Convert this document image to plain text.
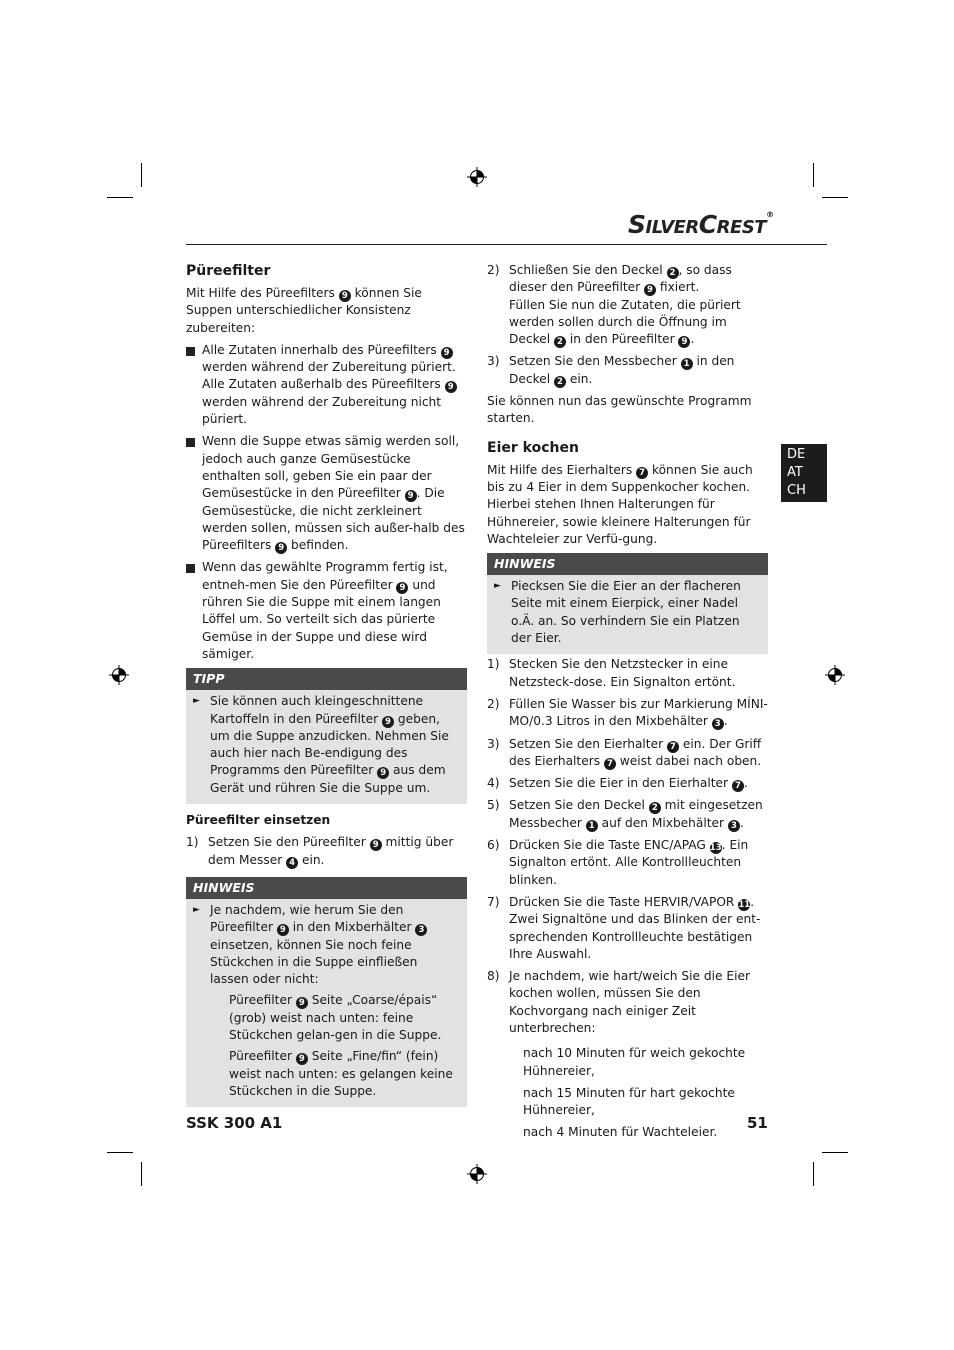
SILVERCREST®
DE
AT
CH
Püreefilter

Mit Hilfe des Püreefilters 9 können Sie Suppen unterschiedlicher Konsistenz zubereiten:

Alle Zutaten innerhalb des Püreefilters 9 werden während der Zubereitung püriert. Alle Zutaten außerhalb des Püreefilters 9 werden während der Zubereitung nicht püriert.
Wenn die Suppe etwas sämig werden soll, jedoch auch ganze Gemüsestücke enthalten soll, geben Sie ein paar der Gemüsestücke in den Püreefilter 9 . Die Gemüsestücke, die nicht zerkleinert werden sollen, müssen sich außer-halb des Püreefilters 9 befinden.
Wenn das gewählte Programm fertig ist, entneh-men Sie den Püreefilter 9 und rühren Sie die Suppe mit einem langen Löffel um. So verteilt sich das pürierte Gemüse in der Suppe und diese wird sämiger.
TIPP
► Sie können auch kleingeschnittene Kartoffeln in den Püreefilter 9 geben, um die Suppe anzudicken. Nehmen Sie auch hier nach Be-endigung des Programms den Püreefilter 9 aus dem Gerät und rühren Sie die Suppe um.
Püreefilter einsetzen
1) Setzen Sie den Püreefilter 9 mittig über dem Messer 4 ein.
HINWEIS
► Je nachdem, wie herum Sie den Püreefilter 9 in den Mixberhälter 3 einsetzen, können Sie noch feine Stückchen in die Suppe einfließen lassen oder nicht:
Püreefilter 9 Seite „Coarse/épais“ (grob) weist nach unten: feine Stückchen gelan-gen in die Suppe.
Püreefilter 9 Seite „Fine/fin“ (fein) weist nach unten: es gelangen keine Stückchen in die Suppe.
2) Schließen Sie den Deckel 2 , so dass dieser den Püreefilter 9 fixiert.
Füllen Sie nun die Zutaten, die püriert werden sollen durch die Öffnung im Deckel 2 in den Püreefilter 9 .
3) Setzen Sie den Messbecher 1 in den Deckel 2 ein.

Sie können nun das gewünschte Programm starten.

Eier kochen

Mit Hilfe des Eierhalters 7 können Sie auch bis zu 4 Eier in dem Suppenkocher kochen. Hierbei stehen Ihnen Halterungen für Hühnereier, sowie kleinere Halterungen für Wachteleier zur Verfü-gung.

HINWEIS
► Piecksen Sie die Eier an der flacheren Seite mit einem Eierpick, einer Nadel o.Ä. an. So verhindern Sie ein Platzen der Eier.
1) Stecken Sie den Netzstecker in eine Netzsteck-dose. Ein Signalton ertönt.
2) Füllen Sie Wasser bis zur Markierung MÍNI-MO/0.3 Litros in den Mixbehälter 3 .
3) Setzen Sie den Eierhalter 7 ein. Der Griff des Eierhalters 7 weist dabei nach oben.
4) Setzen Sie die Eier in den Eierhalter 7 .
5) Setzen Sie den Deckel 2 mit eingesetzen Messbecher 1 auf den Mixbehälter 3 .
6) Drücken Sie die Taste ENC/APAG 13. Ein Signalton ertönt. Alle Kontrollleuchten blinken.
7) Drücken Sie die Taste HERVIR/VAPOR 11. Zwei Signaltöne und das Blinken der ent-sprechenden Kontrollleuchte bestätigen Ihre Auswahl.
8) Je nachdem, wie hart/weich Sie die Eier kochen wollen, müssen Sie den Kochvorgang nach einiger Zeit unterbrechen:
nach 10 Minuten für weich gekochte Hühnereier,
nach 15 Minuten für hart gekochte Hühnereier,
nach 4 Minuten für Wachteleier.
SSK 300 A1	51
